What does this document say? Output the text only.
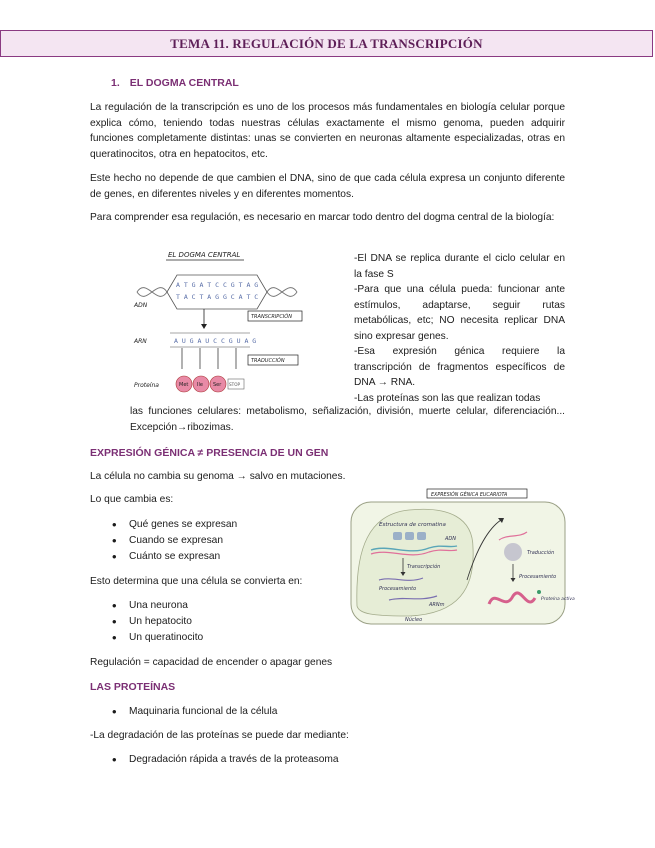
TEMA 11. REGULACIÓN DE LA TRANSCRIPCIÓN
1. EL DOGMA CENTRAL

La regulación de la transcripción es uno de los procesos más fundamentales en biología celular porque explica cómo, teniendo todas nuestras células exactamente el mismo genoma, pueden adquirir funciones completamente distintas: unas se convierten en neuronas altamente especializadas, otras en queratinocitos, otra en hepatocitos, etc.

Este hecho no depende de que cambien el DNA, sino de que cada célula expresa un conjunto diferente de genes, en diferentes niveles y en diferentes momentos.

Para comprender esa regulación, es necesario en marcar todo dentro del dogma central de la biología:

EL DOGMA CENTRAL
A T G A T C C G T A G
T A C T A G G C A T C
ADN
TRANSCRIPCIÓN
A U G A U C C G U A G
ARN
TRADUCCIÓN
Proteína	Met Ile Ser STOP
-El DNA se replica durante el ciclo celular en la fase S
-Para que una célula pueda: funcionar ante estímulos, adaptarse, seguir rutas metabólicas, etc; NO necesita replicar DNA sino expresar genes.
-Esa expresión génica requiere la transcripción de fragmentos específicos de DNA → RNA.
-Las proteínas son las que realizan todas
las funciones celulares: metabolismo, señalización, división, muerte celular, diferenciación... Excepción→ribozimas.
EXPRESIÓN GÉNICA ≠ PRESENCIA DE UN GEN
La célula no cambia su genoma → salvo en mutaciones.
Lo que cambia es:
• Qué genes se expresan
• Cuando se expresan
• Cuánto se expresan
Esto determina que una célula se convierta en:
• Una neurona
• Un hepatocito
• Un queratinocito
Regulación = capacidad de encender o apagar genes
EXPRESIÓN GÉNICA EUCARIOTA
Estructura de cromatina
ADN
Transcripción
Procesamiento
ARNm
Núcleo
Traducción
Procesamiento
Proteína activa
LAS PROTEÍNAS
• Maquinaria funcional de la célula
-La degradación de las proteínas se puede dar mediante:
• Degradación rápida a través de la proteasoma
